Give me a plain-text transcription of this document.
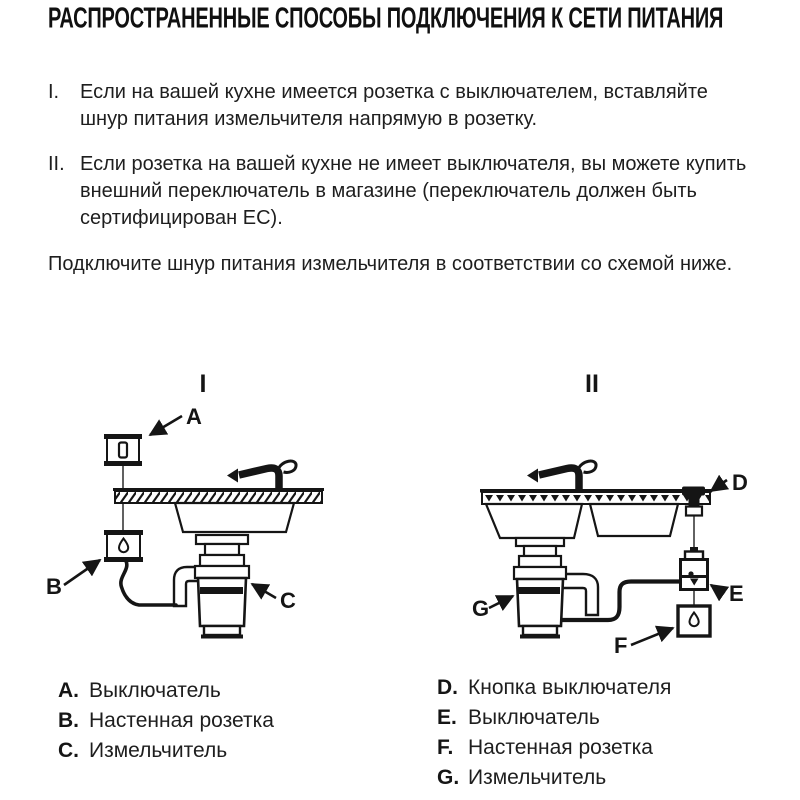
РАСПРОСТРАНЕННЫЕ СПОСОБЫ ПОДКЛЮЧЕНИЯ К СЕТИ ПИТАНИЯ
I. Если на вашей кухне имеется розетка с выключателем, вставляйте шнур питания измельчителя напрямую в розетку.
II. Если розетка на вашей кухне не имеет выключателя, вы можете купить внешний переключатель в магазине (переключатель должен быть сертифицирован ЕС).

Подключите шнур питания измельчителя в соответствии со схемой ниже.

I
A
B
C
II
D
E
F
G
A. Выключатель
B. Настенная розетка
C. Измельчитель
D. Кнопка выключателя
E. Выключатель
F. Настенная розетка
G. Измельчитель
